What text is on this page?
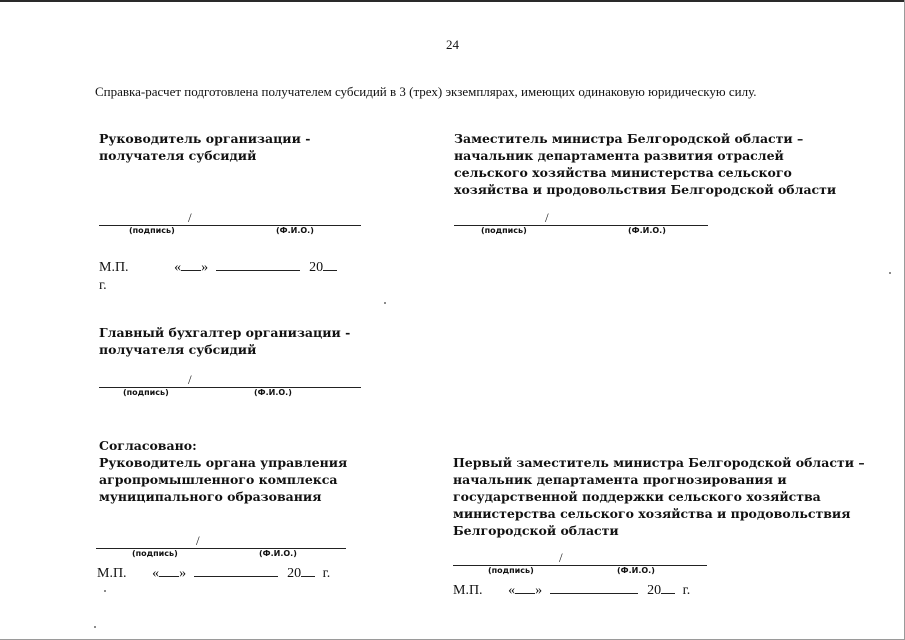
24
Справка-расчет подготовлена получателем субсидий в 3 (трех) экземплярах, имеющих одинаковую юридическую силу.
Руководитель организации -
получателя субсидий
/
(подпись)	(Ф.И.О.)
М.П.	« »	20
г.
Заместитель министра Белгородской области –
начальник департамента развития отраслей
сельского хозяйства министерства сельского
хозяйства и продовольствия Белгородской области
/
(подпись)	(Ф.И.О.)
Главный бухгалтер организации -
получателя субсидий
/
(подпись)	(Ф.И.О.)
Согласовано:
Руководитель органа управления
агропромышленного комплекса
муниципального образования
/
(подпись)	(Ф.И.О.)
М.П. « »	20 г.
Первый заместитель министра Белгородской области –
начальник департамента прогнозирования и
государственной поддержки сельского хозяйства
министерства сельского хозяйства и продовольствия
Белгородской области
/
(подпись)	(Ф.И.О.)
М.П. « »	20 г.
